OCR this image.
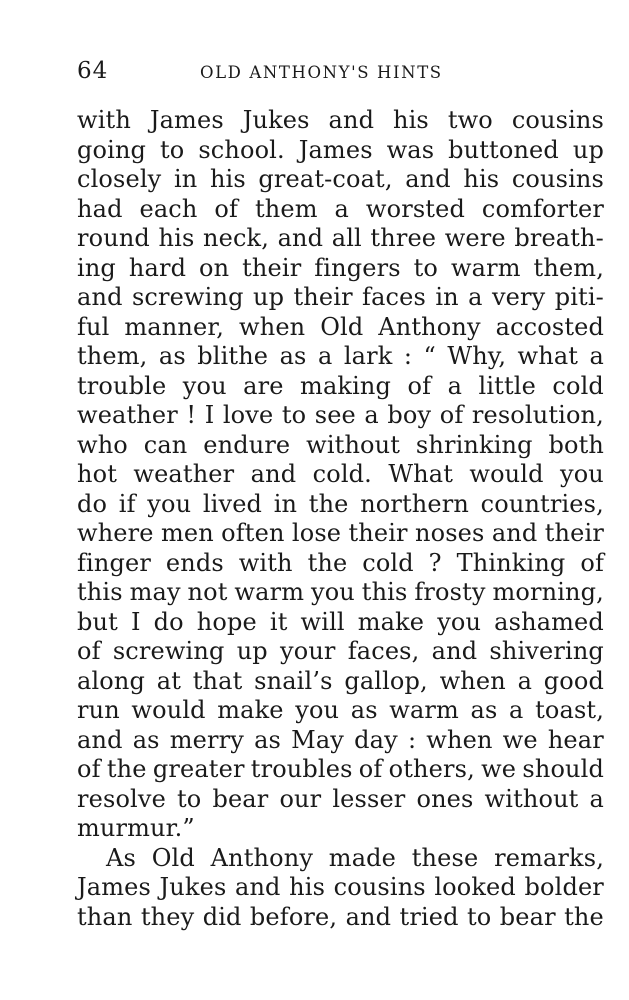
64	OLD ANTHONY'S HINTS
with James Jukes and his two cousins
going to school. James was buttoned up
closely in his great-coat, and his cousins
had each of them a worsted comforter
round his neck, and all three were breath-
ing hard on their fingers to warm them,
and screwing up their faces in a very piti-
ful manner, when Old Anthony accosted
them, as blithe as a lark : “ Why, what a
trouble you are making of a little cold
weather ! I love to see a boy of resolution,
who can endure without shrinking both
hot weather and cold. What would you
do if you lived in the northern countries,
where men often lose their noses and their
finger ends with the cold ? Thinking of
this may not warm you this frosty morning,
but I do hope it will make you ashamed
of screwing up your faces, and shivering
along at that snail’s gallop, when a good
run would make you as warm as a toast,
and as merry as May day : when we hear
of the greater troubles of others, we should
resolve to bear our lesser ones without a
murmur.”
As Old Anthony made these remarks,
James Jukes and his cousins looked bolder
than they did before, and tried to bear the
